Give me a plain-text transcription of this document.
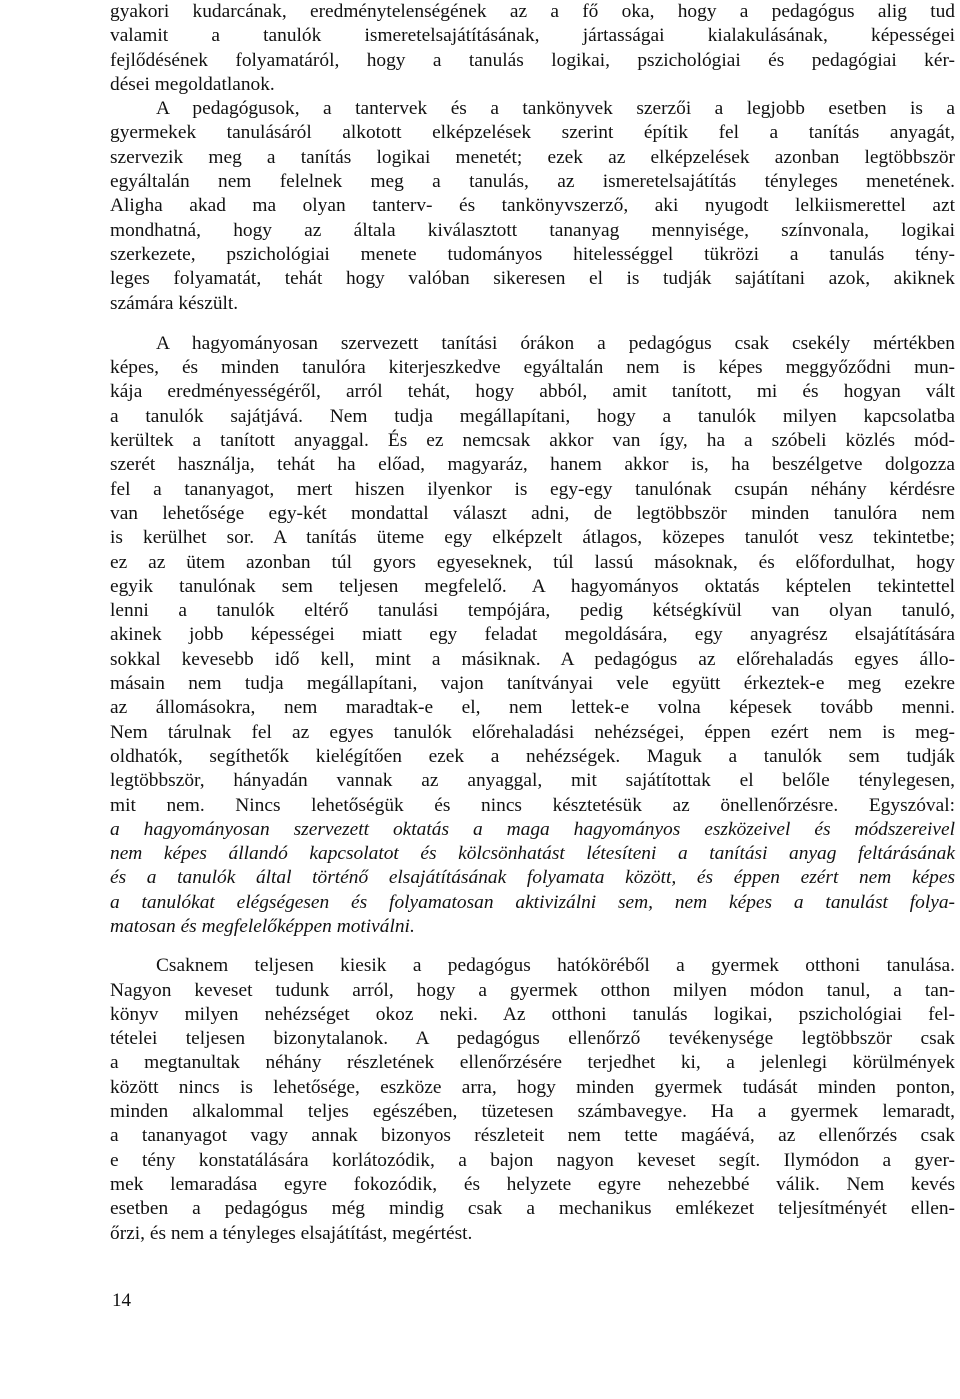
gyakori kudarcának, eredménytelenségének az a fő oka, hogy a pedagógus alig tud
valamit a tanulók ismeretelsajátításának, jártasságai kialakulásának, képességei
fejlődésének folyamatáról, hogy a tanulás logikai, pszichológiai és pedagógiai kér-
dései megoldatlanok.
A pedagógusok, a tantervek és a tankönyvek szerzői a legjobb esetben is a
gyermekek tanulásáról alkotott elképzelések szerint építik fel a tanítás anyagát,
szervezik meg a tanítás logikai menetét; ezek az elképzelések azonban legtöbbször
egyáltalán nem felelnek meg a tanulás, az ismeretelsajátítás tényleges menetének.
Aligha akad ma olyan tanterv- és tankönyvszerző, aki nyugodt lelkiismerettel azt
mondhatná, hogy az általa kiválasztott tananyag mennyisége, színvonala, logikai
szerkezete, pszichológiai menete tudományos hitelességgel tükrözi a tanulás tény-
leges folyamatát, tehát hogy valóban sikeresen el is tudják sajátítani azok, akiknek
számára készült.
A hagyományosan szervezett tanítási órákon a pedagógus csak csekély mértékben
képes, és minden tanulóra kiterjeszkedve egyáltalán nem is képes meggyőződni mun-
kája eredményességéről, arról tehát, hogy abból, amit tanított, mi és hogyan vált
a tanulók sajátjává. Nem tudja megállapítani, hogy a tanulók milyen kapcsolatba
kerültek a tanított anyaggal. És ez nemcsak akkor van így, ha a szóbeli közlés mód-
szerét használja, tehát ha előad, magyaráz, hanem akkor is, ha beszélgetve dolgozza
fel a tananyagot, mert hiszen ilyenkor is egy-egy tanulónak csupán néhány kérdésre
van lehetősége egy-két mondattal választ adni, de legtöbbször minden tanulóra nem
is kerülhet sor. A tanítás üteme egy elképzelt átlagos, közepes tanulót vesz tekintetbe;
ez az ütem azonban túl gyors egyeseknek, túl lassú másoknak, és előfordulhat, hogy
egyik tanulónak sem teljesen megfelelő. A hagyományos oktatás képtelen tekintettel
lenni a tanulók eltérő tanulási tempójára, pedig kétségkívül van olyan tanuló,
akinek jobb képességei miatt egy feladat megoldására, egy anyagrész elsajátítására
sokkal kevesebb idő kell, mint a másiknak. A pedagógus az előrehaladás egyes állo-
másain nem tudja megállapítani, vajon tanítványai vele együtt érkeztek-e meg ezekre
az állomásokra, nem maradtak-e el, nem lettek-e volna képesek tovább menni.
Nem tárulnak fel az egyes tanulók előrehaladási nehézségei, éppen ezért nem is meg-
oldhatók, segíthetők kielégítően ezek a nehézségek. Maguk a tanulók sem tudják
legtöbbször, hányadán vannak az anyaggal, mit sajátítottak el belőle ténylegesen,
mit nem. Nincs lehetőségük és nincs késztetésük az önellenőrzésre. Egyszóval:
a hagyományosan szervezett oktatás a maga hagyományos eszközeivel és módszereivel
nem képes állandó kapcsolatot és kölcsönhatást létesíteni a tanítási anyag feltárásának
és a tanulók által történő elsajátításának folyamata között, és éppen ezért nem képes
a tanulókat elégségesen és folyamatosan aktivizálni sem, nem képes a tanulást folya-
matosan és megfelelőképpen motiválni.
Csaknem teljesen kiesik a pedagógus hatóköréből a gyermek otthoni tanulása.
Nagyon keveset tudunk arról, hogy a gyermek otthon milyen módon tanul, a tan-
könyv milyen nehézséget okoz neki. Az otthoni tanulás logikai, pszichológiai fel-
tételei teljesen bizonytalanok. A pedagógus ellenőrző tevékenysége legtöbbször csak
a megtanultak néhány részletének ellenőrzésére terjedhet ki, a jelenlegi körülmények
között nincs is lehetősége, eszköze arra, hogy minden gyermek tudását minden ponton,
minden alkalommal teljes egészében, tüzetesen számbavegye. Ha a gyermek lemaradt,
a tananyagot vagy annak bizonyos részleteit nem tette magáévá, az ellenőrzés csak
e tény konstatálására korlátozódik, a bajon nagyon keveset segít. Ilymódon a gyer-
mek lemaradása egyre fokozódik, és helyzete egyre nehezebbé válik. Nem kevés
esetben a pedagógus még mindig csak a mechanikus emlékezet teljesítményét ellen-
őrzi, és nem a tényleges elsajátítást, megértést.
14
